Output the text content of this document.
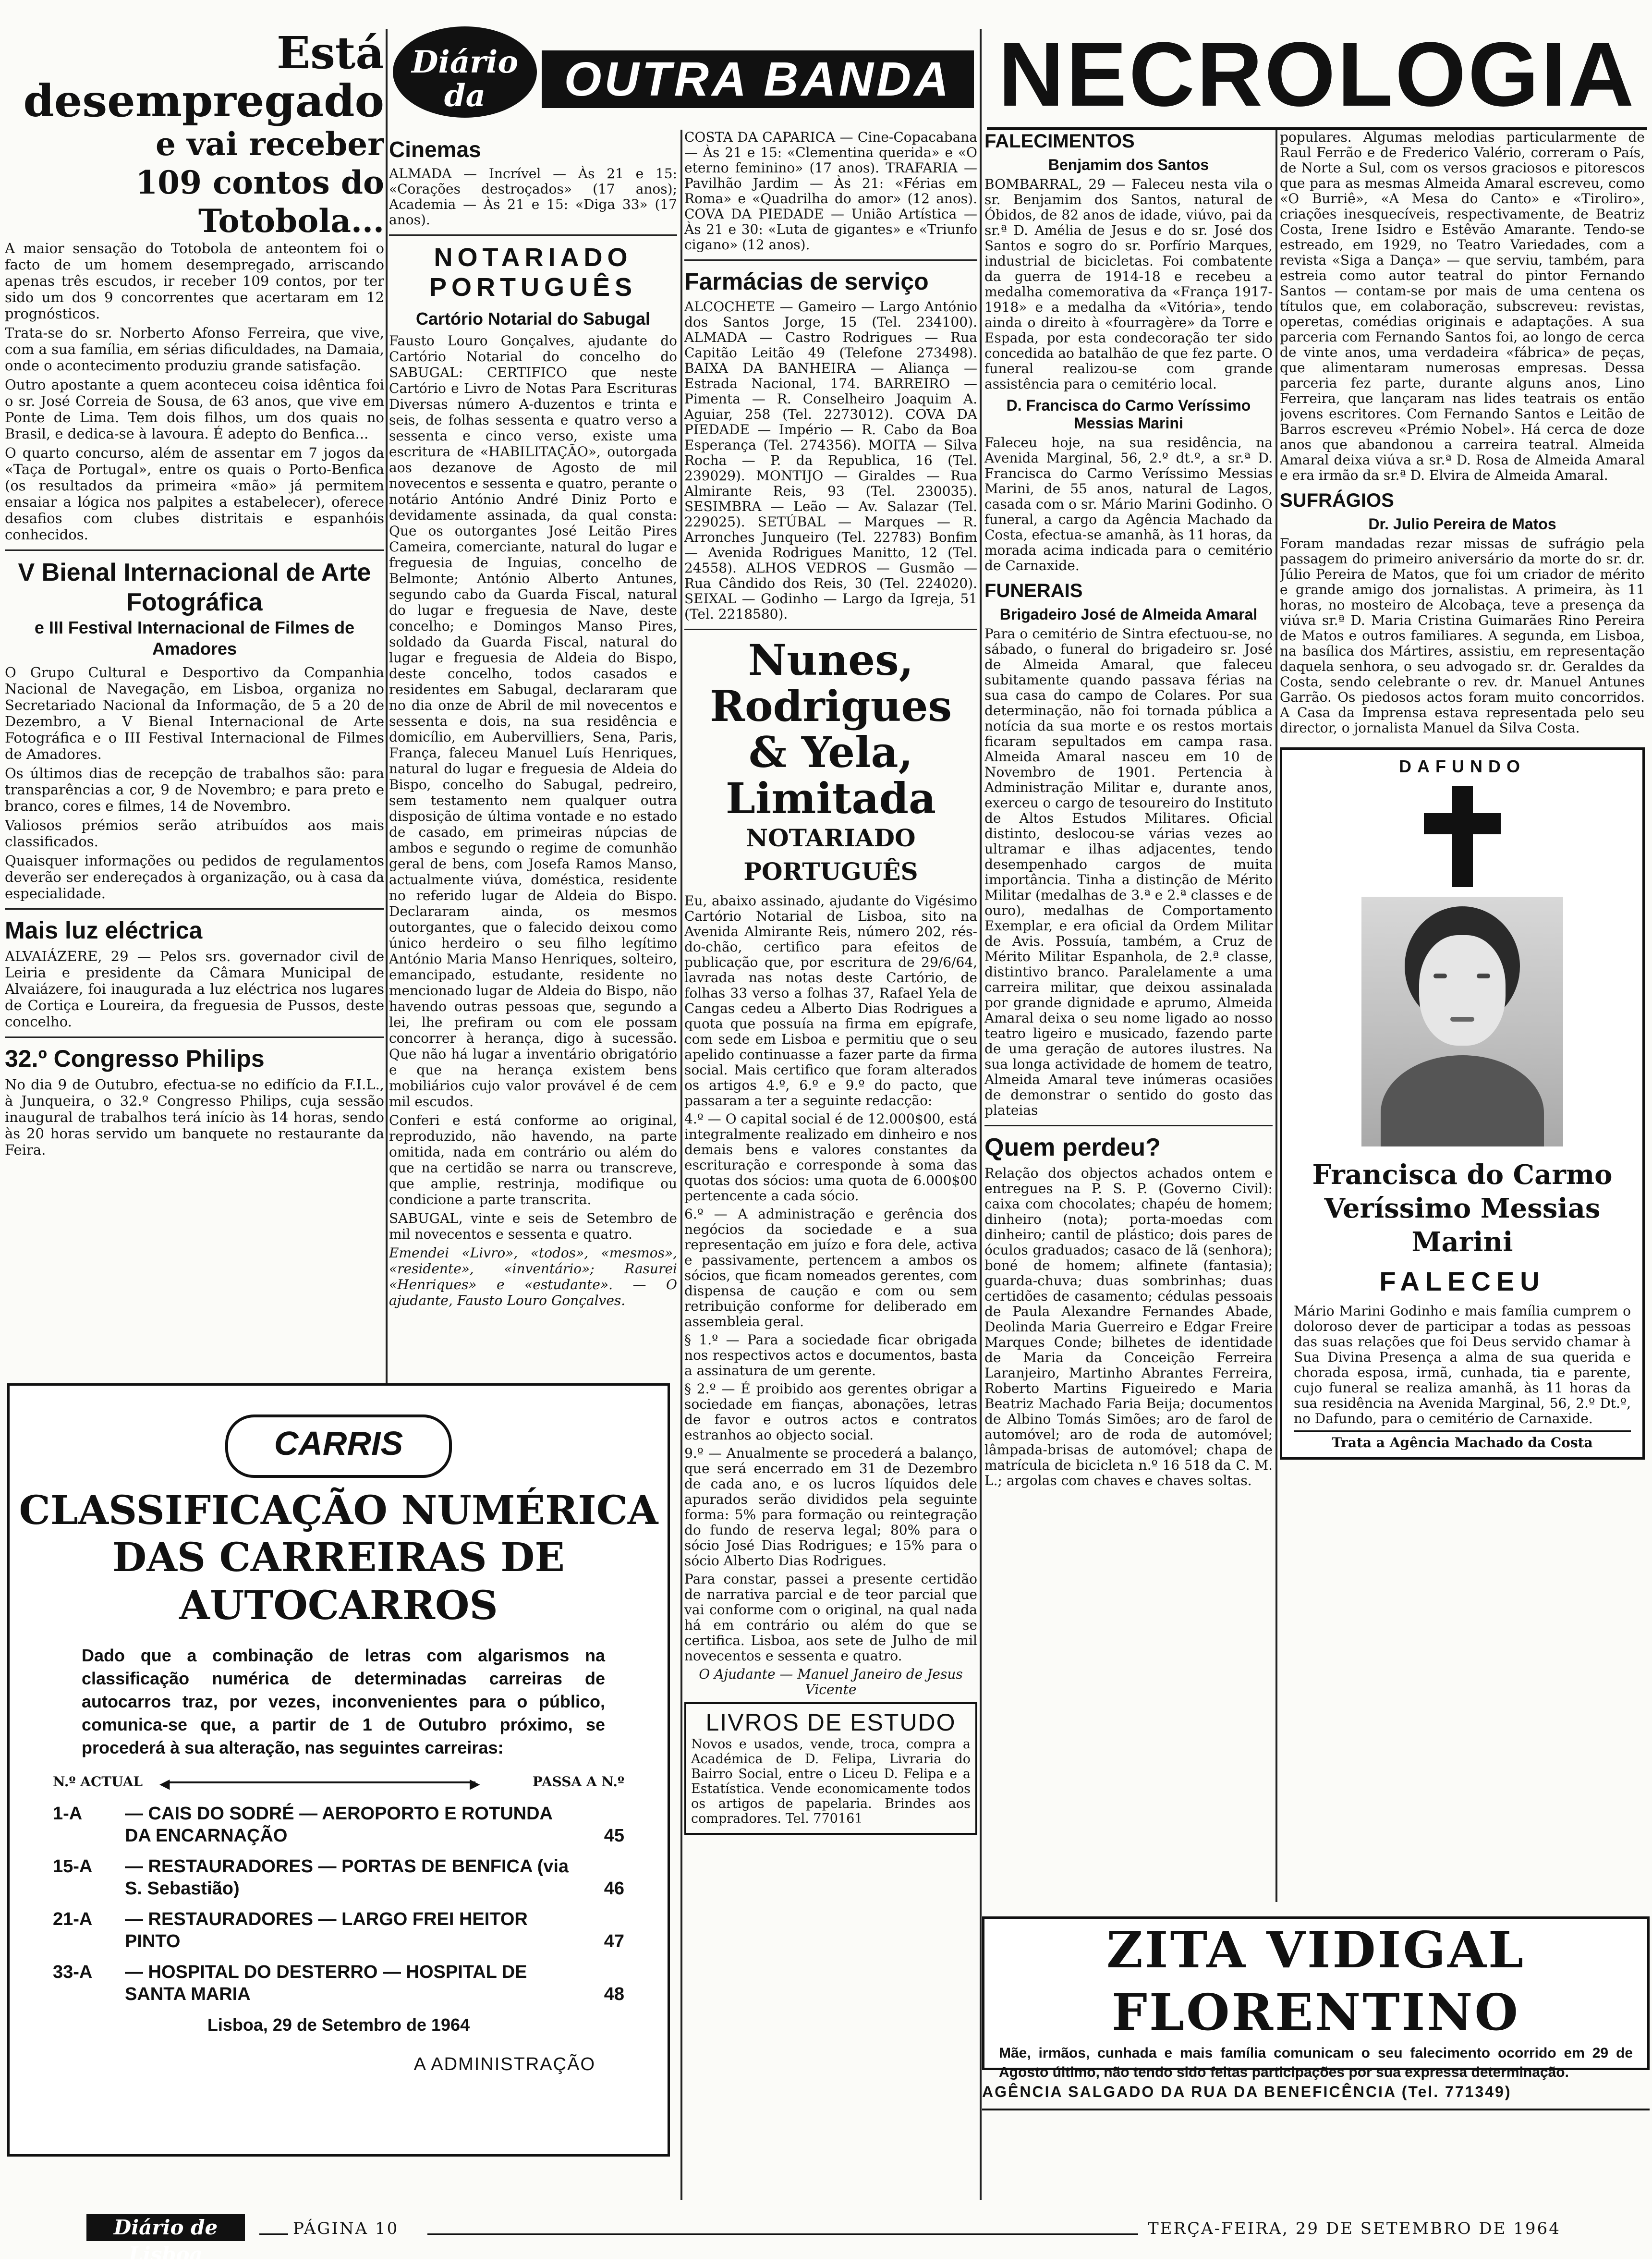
Diário da	OUTRA BANDA NECROLOGIA
Está desempregado
e vai receber 109 contos do Totobola...

A maior sensação do Totobola de anteontem foi o facto de um homem desempregado, arriscando apenas três escudos, ir receber 109 contos, por ter sido um dos 9 concorrentes que acertaram em 12 prognósticos.

Trata-se do sr. Norberto Afonso Ferreira, que vive, com a sua família, em sérias dificuldades, na Damaia, onde o acontecimento produziu grande satisfação.

Outro apostante a quem aconteceu coisa idêntica foi o sr. José Correia de Sousa, de 63 anos, que vive em Ponte de Lima. Tem dois filhos, um dos quais no Brasil, e dedica-se à lavoura. É adepto do Benfica...

O quarto concurso, além de assentar em 7 jogos da «Taça de Portugal», entre os quais o Porto-Benfica (os resultados da primeira «mão» já permitem ensaiar a lógica nos palpites a estabelecer), oferece desafios com clubes distritais e espanhóis conhecidos.

V Bienal Internacional de Arte Fotográfica
e III Festival Internacional de Filmes de Amadores

O Grupo Cultural e Desportivo da Companhia Nacional de Navegação, em Lisboa, organiza no Secretariado Nacional da Informação, de 5 a 20 de Dezembro, a V Bienal Internacional de Arte Fotográfica e o III Festival Internacional de Filmes de Amadores.

Os últimos dias de recepção de trabalhos são: para transparências a cor, 9 de Novembro; e para preto e branco, cores e filmes, 14 de Novembro.

Valiosos prémios serão atribuídos aos mais classificados.

Quaisquer informações ou pedidos de regulamentos deverão ser endereçados à organização, ou à casa da especialidade.

Mais luz eléctrica

ALVAIÁZERE, 29 — Pelos srs. governador civil de Leiria e presidente da Câmara Municipal de Alvaiázere, foi inaugurada a luz eléctrica nos lugares de Cortiça e Loureira, da freguesia de Pussos, deste concelho.

32.º Congresso Philips

No dia 9 de Outubro, efectua-se no edifício da F.I.L., à Junqueira, o 32.º Congresso Philips, cuja sessão inaugural de trabalhos terá início às 14 horas, sendo às 20 horas servido um banquete no restaurante da Feira.

Cinemas

ALMADA — Incrível — Às 21 e 15: «Corações destroçados» (17 anos); Academia — Às 21 e 15: «Diga 33» (17 anos).

NOTARIADO PORTUGUÊS
Cartório Notarial do Sabugal

Fausto Louro Gonçalves, ajudante do Cartório Notarial do concelho do SABUGAL: CERTIFICO que neste Cartório e Livro de Notas Para Escrituras Diversas número A-duzentos e trinta e seis, de folhas sessenta e quatro verso a sessenta e cinco verso, existe uma escritura de «HABILITAÇÃO», outorgada aos dezanove de Agosto de mil novecentos e sessenta e quatro, perante o notário António André Diniz Porto e devidamente assinada, da qual consta: Que os outorgantes José Leitão Pires Cameira, comerciante, natural do lugar e freguesia de Inguias, concelho de Belmonte; António Alberto Antunes, segundo cabo da Guarda Fiscal, natural do lugar e freguesia de Nave, deste concelho; e Domingos Manso Pires, soldado da Guarda Fiscal, natural do lugar e freguesia de Aldeia do Bispo, deste concelho, todos casados e residentes em Sabugal, declararam que no dia onze de Abril de mil novecentos e sessenta e dois, na sua residência e domicílio, em Aubervilliers, Sena, Paris, França, faleceu Manuel Luís Henriques, natural do lugar e freguesia de Aldeia do Bispo, concelho do Sabugal, pedreiro, sem testamento nem qualquer outra disposição de última vontade e no estado de casado, em primeiras núpcias de ambos e segundo o regime de comunhão geral de bens, com Josefa Ramos Manso, actualmente viúva, doméstica, residente no referido lugar de Aldeia do Bispo. Declararam ainda, os mesmos outorgantes, que o falecido deixou como único herdeiro o seu filho legítimo António Maria Manso Henriques, solteiro, emancipado, estudante, residente no mencionado lugar de Aldeia do Bispo, não havendo outras pessoas que, segundo a lei, lhe prefiram ou com ele possam concorrer à herança, digo à sucessão. Que não há lugar a inventário obrigatório e que na herança existem bens mobiliários cujo valor provável é de cem mil escudos.

Conferi e está conforme ao original, reproduzido, não havendo, na parte omitida, nada em contrário ou além do que na certidão se narra ou transcreve, que amplie, restrinja, modifique ou condicione a parte transcrita.

SABUGAL, vinte e seis de Setembro de mil novecentos e sessenta e quatro.

Emendei «Livro», «todos», «mesmos», «residente», «inventário»; Rasurei «Henriques» e «estudante». — O ajudante, Fausto Louro Gonçalves.

COSTA DA CAPARICA — Cine-Copacabana — Às 21 e 15: «Clementina querida» e «O eterno feminino» (17 anos). TRAFARIA — Pavilhão Jardim — Às 21: «Férias em Roma» e «Quadrilha do amor» (12 anos). COVA DA PIEDADE — União Artística — Às 21 e 30: «Luta de gigantes» e «Triunfo cigano» (12 anos).

Farmácias de serviço

ALCOCHETE — Gameiro — Largo António dos Santos Jorge, 15 (Tel. 234100). ALMADA — Castro Rodrigues — Rua Capitão Leitão 49 (Telefone 273498). BAIXA DA BANHEIRA — Aliança — Estrada Nacional, 174. BARREIRO — Pimenta — R. Conselheiro Joaquim A. Aguiar, 258 (Tel. 2273012). COVA DA PIEDADE — Império — R. Cabo da Boa Esperança (Tel. 274356). MOITA — Silva Rocha — P. da Republica, 16 (Tel. 239029). MONTIJO — Giraldes — Rua Almirante Reis, 93 (Tel. 230035). SESIMBRA — Leão — Av. Salazar (Tel. 229025). SETÚBAL — Marques — R. Arronches Junqueiro (Tel. 22783) Bonfim — Avenida Rodrigues Manitto, 12 (Tel. 24558). ALHOS VEDROS — Gusmão — Rua Cândido dos Reis, 30 (Tel. 224020). SEIXAL — Godinho — Largo da Igreja, 51 (Tel. 2218580).

Nunes, Rodrigues & Yela, Limitada
NOTARIADO PORTUGUÊS

Eu, abaixo assinado, ajudante do Vigésimo Cartório Notarial de Lisboa, sito na Avenida Almirante Reis, número 202, rés-do-chão, certifico para efeitos de publicação que, por escritura de 29/6/64, lavrada nas notas deste Cartório, de folhas 33 verso a folhas 37, Rafael Yela de Cangas cedeu a Alberto Dias Rodrigues a quota que possuía na firma em epígrafe, com sede em Lisboa e permitiu que o seu apelido continuasse a fazer parte da firma social. Mais certifico que foram alterados os artigos 4.º, 6.º e 9.º do pacto, que passaram a ter a seguinte redacção:

4.º — O capital social é de 12.000$00, está integralmente realizado em dinheiro e nos demais bens e valores constantes da escrituração e corresponde à soma das quotas dos sócios: uma quota de 6.000$00 pertencente a cada sócio.

6.º — A administração e gerência dos negócios da sociedade e a sua representação em juízo e fora dele, activa e passivamente, pertencem a ambos os sócios, que ficam nomeados gerentes, com dispensa de caução e com ou sem retribuição conforme for deliberado em assembleia geral.

§ 1.º — Para a sociedade ficar obrigada nos respectivos actos e documentos, basta a assinatura de um gerente.

§ 2.º — É proibido aos gerentes obrigar a sociedade em fianças, abonações, letras de favor e outros actos e contratos estranhos ao objecto social.

9.º — Anualmente se procederá a balanço, que será encerrado em 31 de Dezembro de cada ano, e os lucros líquidos dele apurados serão divididos pela seguinte forma: 5% para formação ou reintegração do fundo de reserva legal; 80% para o sócio José Dias Rodrigues; e 15% para o sócio Alberto Dias Rodrigues.

Para constar, passei a presente certidão de narrativa parcial e de teor parcial que vai conforme com o original, na qual nada há em contrário ou além do que se certifica. Lisboa, aos sete de Julho de mil novecentos e sessenta e quatro.

O Ajudante — Manuel Janeiro de Jesus Vicente

LIVROS DE ESTUDO

Novos e usados, vende, troca, compra a Académica de D. Felipa, Livraria do Bairro Social, entre o Liceu D. Felipa e a Estatística. Vende economicamente todos os artigos de papelaria. Brindes aos compradores. Tel. 770161

FALECIMENTOS
Benjamim dos Santos

BOMBARRAL, 29 — Faleceu nesta vila o sr. Benjamim dos Santos, natural de Óbidos, de 82 anos de idade, viúvo, pai da sr.ª D. Amélia de Jesus e do sr. José dos Santos e sogro do sr. Porfírio Marques, industrial de bicicletas. Foi combatente da guerra de 1914-18 e recebeu a medalha comemorativa da «França 1917-1918» e a medalha da «Vitória», tendo ainda o direito à «fourragère» da Torre e Espada, por esta condecoração ter sido concedida ao batalhão de que fez parte. O funeral realizou-se com grande assistência para o cemitério local.

D. Francisca do Carmo Veríssimo Messias Marini

Faleceu hoje, na sua residência, na Avenida Marginal, 56, 2.º dt.º, a sr.ª D. Francisca do Carmo Veríssimo Messias Marini, de 55 anos, natural de Lagos, casada com o sr. Mário Marini Godinho. O funeral, a cargo da Agência Machado da Costa, efectua-se amanhã, às 11 horas, da morada acima indicada para o cemitério de Carnaxide.

FUNERAIS
Brigadeiro José de Almeida Amaral

Para o cemitério de Sintra efectuou-se, no sábado, o funeral do brigadeiro sr. José de Almeida Amaral, que faleceu subitamente quando passava férias na sua casa do campo de Colares. Por sua determinação, não foi tornada pública a notícia da sua morte e os restos mortais ficaram sepultados em campa rasa. Almeida Amaral nasceu em 10 de Novembro de 1901. Pertencia à Administração Militar e, durante anos, exerceu o cargo de tesoureiro do Instituto de Altos Estudos Militares. Oficial distinto, deslocou-se várias vezes ao ultramar e ilhas adjacentes, tendo desempenhado cargos de muita importância. Tinha a distinção de Mérito Militar (medalhas de 3.ª e 2.ª classes e de ouro), medalhas de Comportamento Exemplar, e era oficial da Ordem Militar de Avis. Possuía, também, a Cruz de Mérito Militar Espanhola, de 2.ª classe, distintivo branco. Paralelamente a uma carreira militar, que deixou assinalada por grande dignidade e aprumo, Almeida Amaral deixa o seu nome ligado ao nosso teatro ligeiro e musicado, fazendo parte de uma geração de autores ilustres. Na sua longa actividade de homem de teatro, Almeida Amaral teve inúmeras ocasiões de demonstrar o sentido do gosto das plateias

Quem perdeu?

Relação dos objectos achados ontem e entregues na P. S. P. (Governo Civil): caixa com chocolates; chapéu de homem; dinheiro (nota); porta-moedas com dinheiro; cantil de plástico; dois pares de óculos graduados; casaco de lã (senhora); boné de homem; alfinete (fantasia); guarda-chuva; duas sombrinhas; duas certidões de casamento; cédulas pessoais de Paula Alexandre Fernandes Abade, Deolinda Maria Guerreiro e Edgar Freire Marques Conde; bilhetes de identidade de Maria da Conceição Ferreira Laranjeiro, Martinho Abrantes Ferreira, Roberto Martins Figueiredo e Maria Beatriz Machado Faria Beija; documentos de Albino Tomás Simões; aro de farol de automóvel; aro de roda de automóvel; lâmpada-brisas de automóvel; chapa de matrícula de bicicleta n.º 16 518 da C. M. L.; argolas com chaves e chaves soltas.

populares. Algumas melodias particularmente de Raul Ferrão e de Frederico Valério, correram o País, de Norte a Sul, com os versos graciosos e pitorescos que para as mesmas Almeida Amaral escreveu, como «O Burriê», «A Mesa do Canto» e «Tiroliro», criações inesquecíveis, respectivamente, de Beatriz Costa, Irene Isidro e Estêvão Amarante. Tendo-se estreado, em 1929, no Teatro Variedades, com a revista «Siga a Dança» — que serviu, também, para estreia como autor teatral do pintor Fernando Santos — contam-se por mais de uma centena os títulos que, em colaboração, subscreveu: revistas, operetas, comédias originais e adaptações. A sua parceria com Fernando Santos foi, ao longo de cerca de vinte anos, uma verdadeira «fábrica» de peças, que alimentaram numerosas empresas. Dessa parceria fez parte, durante alguns anos, Lino Ferreira, que lançaram nas lides teatrais os então jovens escritores. Com Fernando Santos e Leitão de Barros escreveu «Prémio Nobel». Há cerca de doze anos que abandonou a carreira teatral. Almeida Amaral deixa viúva a sr.ª D. Rosa de Almeida Amaral e era irmão da sr.ª D. Elvira de Almeida Amaral.

SUFRÁGIOS
Dr. Julio Pereira de Matos

Foram mandadas rezar missas de sufrágio pela passagem do primeiro aniversário da morte do sr. dr. Júlio Pereira de Matos, que foi um criador de mérito e grande amigo dos jornalistas. A primeira, às 11 horas, no mosteiro de Alcobaça, teve a presença da viúva sr.ª D. Maria Cristina Guimarães Rino Pereira de Matos e outros familiares. A segunda, em Lisboa, na basílica dos Mártires, assistiu, em representação daquela senhora, o seu advogado sr. dr. Geraldes da Costa, sendo celebrante o rev. dr. Manuel Antunes Garrão. Os piedosos actos foram muito concorridos. A Casa da Imprensa estava representada pelo seu director, o jornalista Manuel da Silva Costa.

DAFUNDO
Francisca do Carmo Veríssimo Messias Marini
FALECEU

Mário Marini Godinho e mais família cumprem o doloroso dever de participar a todas as pessoas das suas relações que foi Deus servido chamar à Sua Divina Presença a alma de sua querida e chorada esposa, irmã, cunhada, tia e parente, cujo funeral se realiza amanhã, às 11 horas da sua residência na Avenida Marginal, 56, 2.º Dt.º, no Dafundo, para o cemitério de Carnaxide.

Trata a Agência Machado da Costa
ZITA VIDIGAL FLORENTINO

Mãe, irmãos, cunhada e mais família comunicam o seu falecimento ocorrido em 29 de Agosto último, não tendo sido feitas participações por sua expressa determinação.

AGÊNCIA SALGADO DA RUA DA BENEFICÊNCIA (Tel. 771349)
CARRIS
CLASSIFICAÇÃO NUMÉRICA
DAS CARREIRAS DE AUTOCARROS

Dado que a combinação de letras com algarismos na classificação numérica de determinadas carreiras de autocarros traz, por vezes, inconvenientes para o público, comunica-se que, a partir de 1 de Outubro próximo, se procederá à sua alteração, nas seguintes carreiras:

N.º ACTUAL ◀	▶	PASSA A N.º
1-A	— CAIS DO SODRÉ — AEROPORTO E ROTUNDA DA ENCARNAÇÃO	45
15-A	— RESTAURADORES — PORTAS DE BENFICA (via S. Sebastião)	46
21-A	— RESTAURADORES — LARGO FREI HEITOR PINTO	47
33-A	— HOSPITAL DO DESTERRO — HOSPITAL DE SANTA MARIA	48
Lisboa, 29 de Setembro de 1964
A ADMINISTRAÇÃO
Diário de Lisboa
PÁGINA 10	TERÇA-FEIRA, 29 DE SETEMBRO DE 1964
